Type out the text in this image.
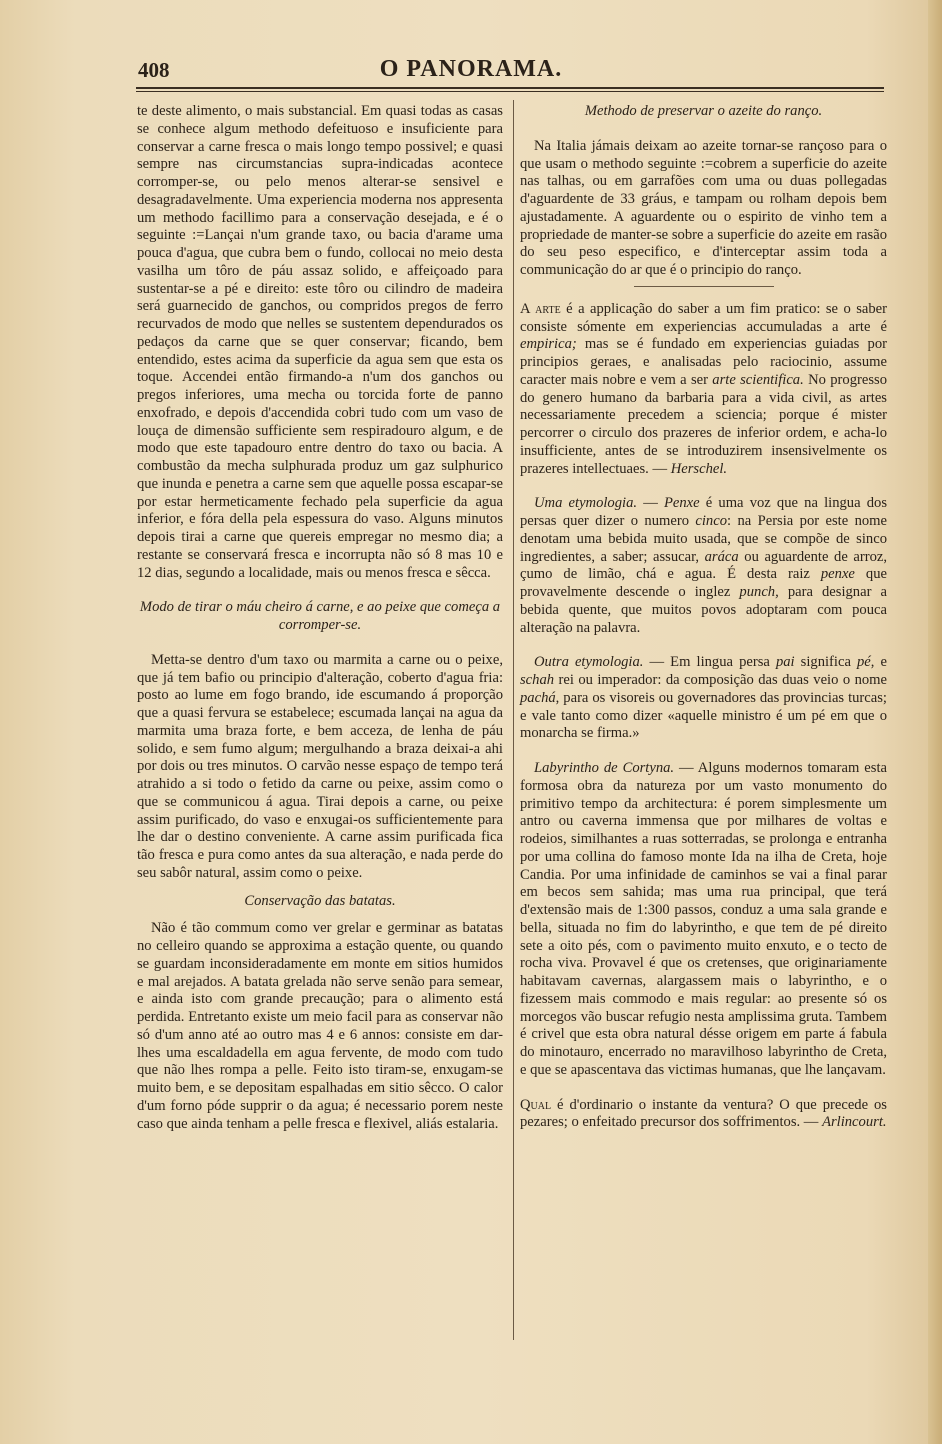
408	O PANORAMA.

te deste alimento, o mais substancial. Em quasi todas as casas se conhece algum methodo defeituoso e insuficiente para conservar a carne fresca o mais longo tempo possivel; e quasi sempre nas circumstancias supra-indicadas acontece corromper-se, ou pelo menos alterar-se sensivel e desagradavelmente. Uma experiencia moderna nos appresenta um methodo facillimo para a conservação desejada, e é o seguinte :=Lançai n'um grande taxo, ou bacia d'arame uma pouca d'agua, que cubra bem o fundo, collocai no meio desta vasilha um tôro de páu assaz solido, e affeiçoado para sustentar-se a pé e direito: este tôro ou cilindro de madeira será guarnecido de ganchos, ou compridos pregos de ferro recurvados de modo que nelles se sustentem dependurados os pedaços da carne que se quer conservar; ficando, bem entendido, estes acima da superficie da agua sem que esta os toque. Accendei então firmando-a n'um dos ganchos ou pregos inferiores, uma mecha ou torcida forte de panno enxofrado, e depois d'accendida cobri tudo com um vaso de louça de dimensão sufficiente sem respiradouro algum, e de modo que este tapadouro entre dentro do taxo ou bacia. A combustão da mecha sulphurada produz um gaz sulphurico que inunda e penetra a carne sem que aquelle possa escapar-se por estar hermeticamente fechado pela superficie da agua inferior, e fóra della pela espessura do vaso. Alguns minutos depois tirai a carne que quereis empregar no mesmo dia; a restante se conservará fresca e incorrupta não só 8 mas 10 e 12 dias, segundo a localidade, mais ou menos fresca e sêcca.

Modo de tirar o máu cheiro á carne, e ao peixe que começa a corromper-se.

Metta-se dentro d'um taxo ou marmita a carne ou o peixe, que já tem bafio ou principio d'alteração, coberto d'agua fria: posto ao lume em fogo brando, ide escumando á proporção que a quasi fervura se estabelece; escumada lançai na agua da marmita uma braza forte, e bem acceza, de lenha de páu solido, e sem fumo algum; mergulhando a braza deixai-a ahi por dois ou tres minutos. O carvão nesse espaço de tempo terá atrahido a si todo o fetido da carne ou peixe, assim como o que se communicou á agua. Tirai depois a carne, ou peixe assim purificado, do vaso e enxugai-os sufficientemente para lhe dar o destino conveniente. A carne assim purificada fica tão fresca e pura como antes da sua alteração, e nada perde do seu sabôr natural, assim como o peixe.

Conservação das batatas.

Não é tão commum como ver grelar e germinar as batatas no celleiro quando se approxima a estação quente, ou quando se guardam inconsideradamente em monte em sitios humidos e mal arejados. A batata grelada não serve senão para semear, e ainda isto com grande precaução; para o alimento está perdida. Entretanto existe um meio facil para as conservar não só d'um anno até ao outro mas 4 e 6 annos: consiste em dar-lhes uma escaldadella em agua fervente, de modo com tudo que não lhes rompa a pelle. Feito isto tiram-se, enxugam-se muito bem, e se depositam espalhadas em sitio sêcco. O calor d'um forno póde supprir o da agua; é necessario porem neste caso que ainda tenham a pelle fresca e flexivel, aliás estalaria.

Methodo de preservar o azeite do ranço.

Na Italia jámais deixam ao azeite tornar-se rançoso para o que usam o methodo seguinte :=cobrem a superficie do azeite nas talhas, ou em garrafões com uma ou duas pollegadas d'aguardente de 33 gráus, e tampam ou rolham depois bem ajustadamente. A aguardente ou o espirito de vinho tem a propriedade de manter-se sobre a superficie do azeite em rasão do seu peso especifico, e d'interceptar assim toda a communicação do ar que é o principio do ranço.

A arte é a applicação do saber a um fim pratico: se o saber consiste sómente em experiencias accumuladas a arte é empirica; mas se é fundado em experiencias guiadas por principios geraes, e analisadas pelo raciocinio, assume caracter mais nobre e vem a ser arte scientifica. No progresso do genero humano da barbaria para a vida civil, as artes necessariamente precedem a sciencia; porque é mister percorrer o circulo dos prazeres de inferior ordem, e acha-lo insufficiente, antes de se introduzirem insensivelmente os prazeres intellectuaes. — Herschel.

Uma etymologia. — Penxe é uma voz que na lingua dos persas quer dizer o numero cinco: na Persia por este nome denotam uma bebida muito usada, que se compõe de sinco ingredientes, a saber; assucar, aráca ou aguardente de arroz, çumo de limão, chá e agua. É desta raiz penxe que provavelmente descende o inglez punch, para designar a bebida quente, que muitos povos adoptaram com pouca alteração na palavra.

Outra etymologia. — Em lingua persa pai significa pé, e schah rei ou imperador: da composição das duas veio o nome pachá, para os visoreis ou governadores das provincias turcas; e vale tanto como dizer «aquelle ministro é um pé em que o monarcha se firma.»

Labyrintho de Cortyna. — Alguns modernos tomaram esta formosa obra da natureza por um vasto monumento do primitivo tempo da architectura: é porem simplesmente um antro ou caverna immensa que por milhares de voltas e rodeios, similhantes a ruas sotterradas, se prolonga e entranha por uma collina do famoso monte Ida na ilha de Creta, hoje Candia. Por uma infinidade de caminhos se vai a final parar em becos sem sahida; mas uma rua principal, que terá d'extensão mais de 1:300 passos, conduz a uma sala grande e bella, situada no fim do labyrintho, e que tem de pé direito sete a oito pés, com o pavimento muito enxuto, e o tecto de rocha viva. Provavel é que os cretenses, que originariamente habitavam cavernas, alargassem mais o labyrintho, e o fizessem mais commodo e mais regular: ao presente só os morcegos vão buscar refugio nesta amplissima gruta. Tambem é crivel que esta obra natural désse origem em parte á fabula do minotauro, encerrado no maravilhoso labyrintho de Creta, e que se apascentava das victimas humanas, que lhe lançavam.

Qual é d'ordinario o instante da ventura? O que precede os pezares; o enfeitado precursor dos soffrimentos. — Arlincourt.
